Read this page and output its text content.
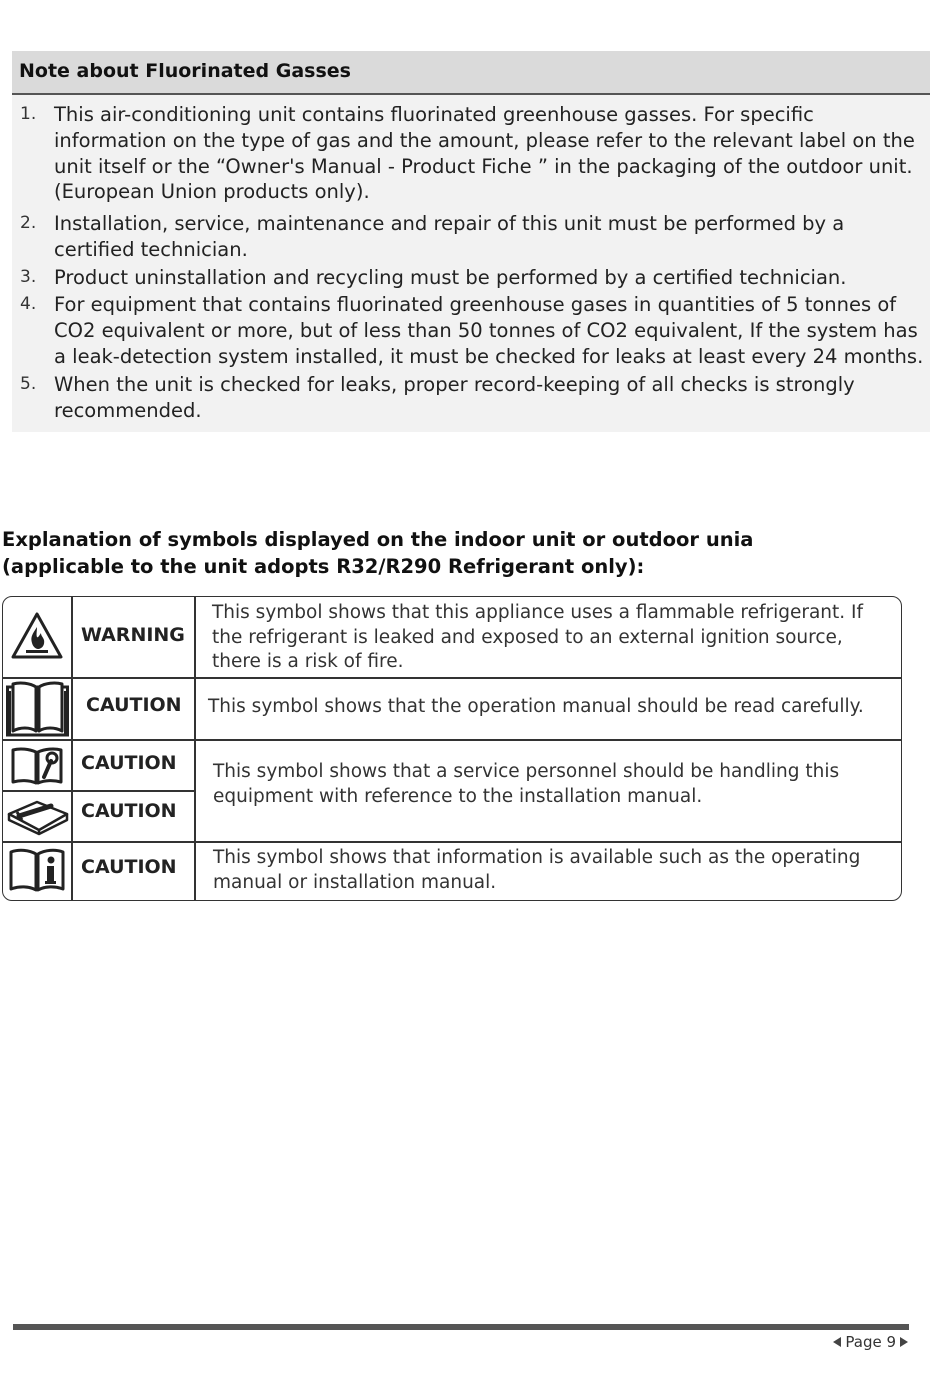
Note about Fluorinated Gasses
1. This air-conditioning unit contains fluorinated greenhouse gasses. For specific information on the type of gas and the amount, please refer to the relevant label on the unit itself or the “Owner's Manual - Product Fiche ” in the packaging of the outdoor unit. (European Union products only).
2. Installation, service, maintenance and repair of this unit must be performed by a certified technician.
3. Product uninstallation and recycling must be performed by a certified technician.
4. For equipment that contains fluorinated greenhouse gases in quantities of 5 tonnes of CO2 equivalent or more, but of less than 50 tonnes of CO2 equivalent, If the system has a leak-detection system installed, it must be checked for leaks at least every 24 months.
5. When the unit is checked for leaks, proper record-keeping of all checks is strongly recommended.
Explanation of symbols displayed on the indoor unit or outdoor unia
(applicable to the unit adopts R32/R290 Refrigerant only):
WARNING
This symbol shows that this appliance uses a flammable refrigerant. If the refrigerant is leaked and exposed to an external ignition source, there is a risk of fire.
CAUTION This symbol shows that the operation manual should be read carefully.
CAUTION
CAUTION
This symbol shows that a service personnel should be handling this equipment with reference to the installation manual.
CAUTION This symbol shows that information is available such as the operating manual or installation manual.
Page 9
